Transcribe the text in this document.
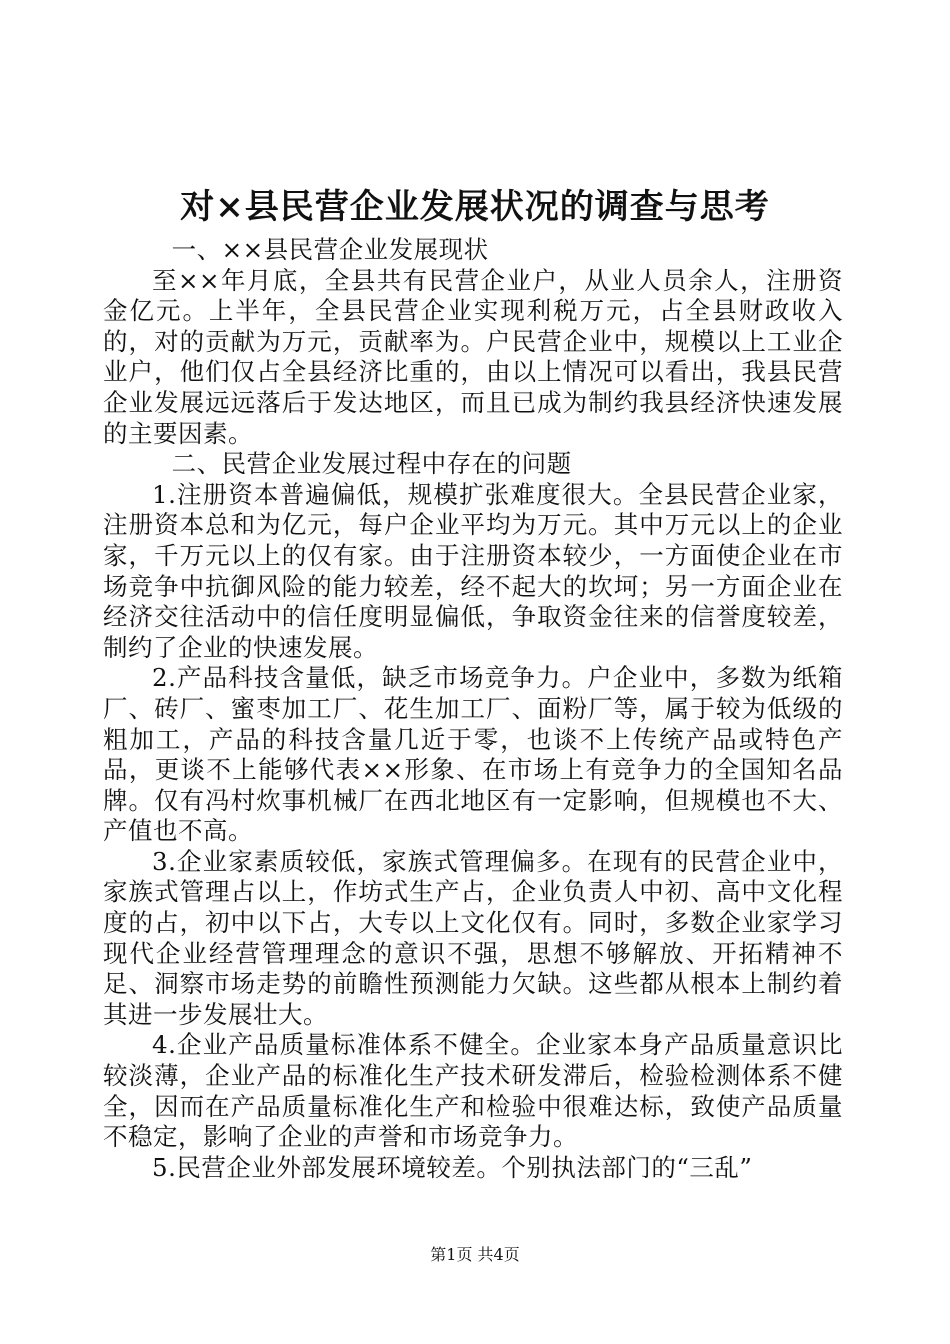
对×县民营企业发展状况的调查与思考

一、××县民营企业发展现状

至××年月底，全县共有民营企业户，从业人员余人，注册资金亿元。上半年，全县民营企业实现利税万元，占全县财政收入的，对的贡献为万元，贡献率为。户民营企业中，规模以上工业企业户，他们仅占全县经济比重的，由以上情况可以看出，我县民营企业发展远远落后于发达地区，而且已成为制约我县经济快速发展的主要因素。

二、民营企业发展过程中存在的问题

1.注册资本普遍偏低，规模扩张难度很大。全县民营企业家，注册资本总和为亿元，每户企业平均为万元。其中万元以上的企业家，千万元以上的仅有家。由于注册资本较少，一方面使企业在市场竞争中抗御风险的能力较差，经不起大的坎坷；另一方面企业在经济交往活动中的信任度明显偏低，争取资金往来的信誉度较差，制约了企业的快速发展。

2.产品科技含量低，缺乏市场竞争力。户企业中，多数为纸箱厂、砖厂、蜜枣加工厂、花生加工厂、面粉厂等，属于较为低级的粗加工，产品的科技含量几近于零，也谈不上传统产品或特色产品，更谈不上能够代表××形象、在市场上有竞争力的全国知名品牌。仅有冯村炊事机械厂在西北地区有一定影响，但规模也不大、产值也不高。

3.企业家素质较低，家族式管理偏多。在现有的民营企业中，家族式管理占以上，作坊式生产占，企业负责人中初、高中文化程度的占，初中以下占，大专以上文化仅有。同时，多数企业家学习现代企业经营管理理念的意识不强，思想不够解放、开拓精神不足、洞察市场走势的前瞻性预测能力欠缺。这些都从根本上制约着其进一步发展壮大。

4.企业产品质量标准体系不健全。企业家本身产品质量意识比较淡薄，企业产品的标准化生产技术研发滞后，检验检测体系不健全，因而在产品质量标准化生产和检验中很难达标，致使产品质量不稳定，影响了企业的声誉和市场竞争力。

5.民营企业外部发展环境较差。个别执法部门的“三乱”

第1页 共4页
